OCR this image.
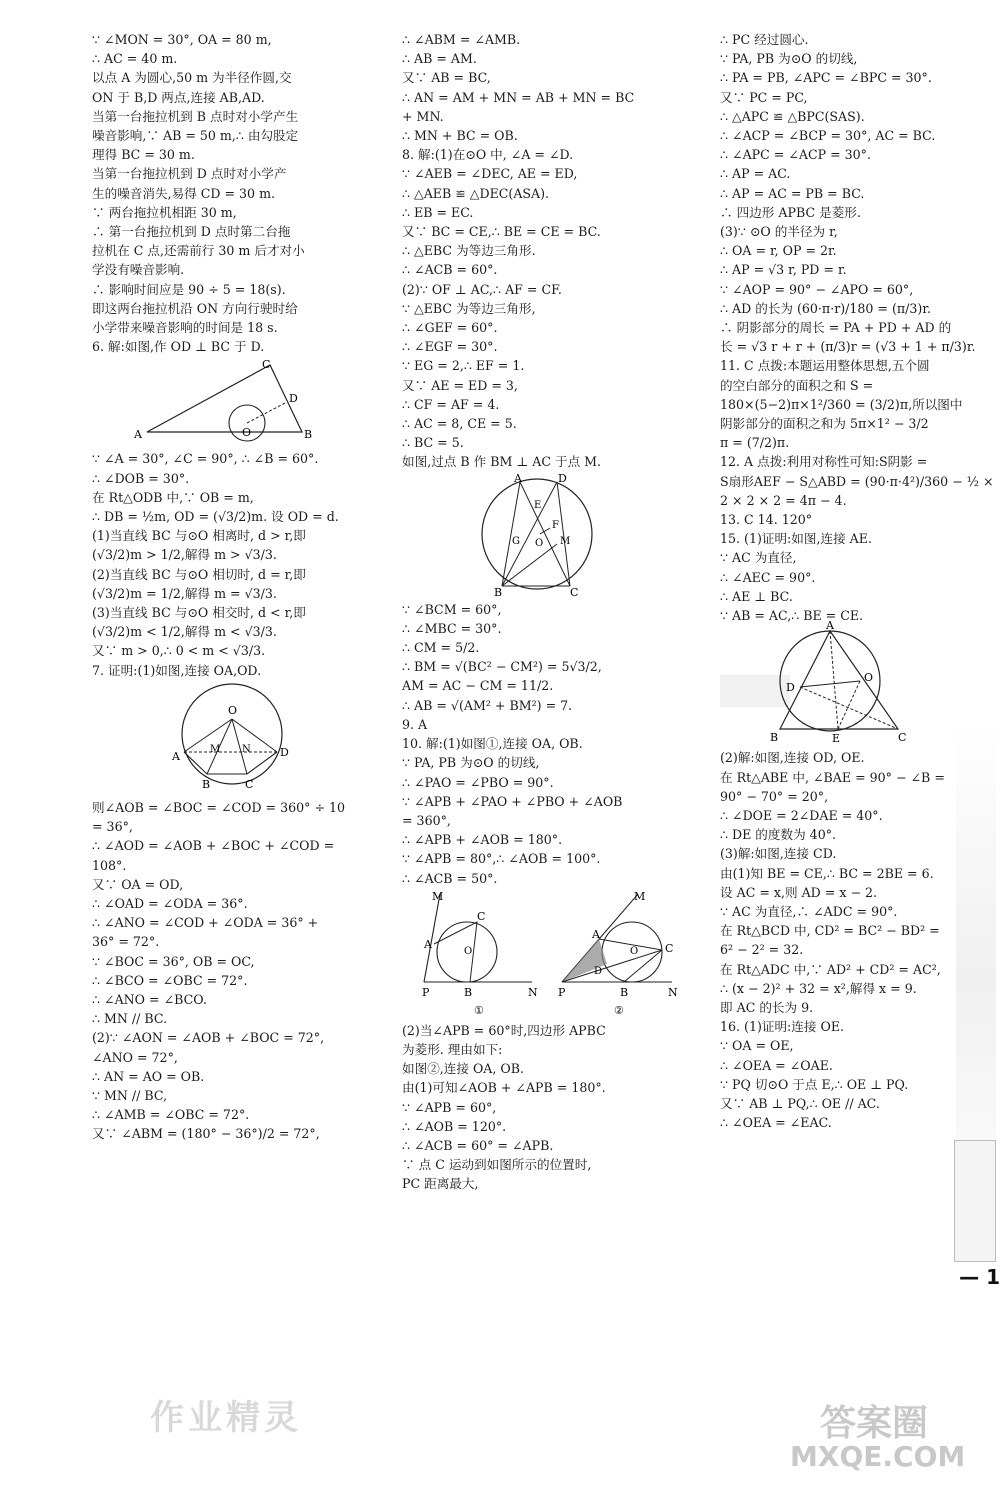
∵ ∠MON = 30°, OA = 80 m,
∴ AC = 40 m.
以点 A 为圆心,50 m 为半径作圆,交
ON 于 B,D 两点,连接 AB,AD.
当第一台拖拉机到 B 点时对小学产生
噪音影响,∵ AB = 50 m,∴ 由勾股定
理得 BC = 30 m.
当第一台拖拉机到 D 点时对小学产
生的噪音消失,易得 CD = 30 m.
∵ 两台拖拉机相距 30 m,
∴ 第一台拖拉机到 D 点时第二台拖
拉机在 C 点,还需前行 30 m 后才对小
学没有噪音影响.
∴ 影响时间应是 90 ÷ 5 = 18(s).
即这两台拖拉机沿 ON 方向行驶时给
小学带来噪音影响的时间是 18 s.
6. 解:如图,作 OD ⊥ BC 于 D.
C
D
A	O	B
∵ ∠A = 30°, ∠C = 90°, ∴ ∠B = 60°.
∴ ∠DOB = 30°.
在 Rt△ODB 中,∵ OB = m,
∴ DB = ½m, OD = (√3/2)m. 设 OD = d.
(1)当直线 BC 与⊙O 相离时, d > r,即
(√3/2)m > 1/2,解得 m > √3/3.
(2)当直线 BC 与⊙O 相切时, d = r,即
(√3/2)m = 1/2,解得 m = √3/3.
(3)当直线 BC 与⊙O 相交时, d < r,即
(√3/2)m < 1/2,解得 m < √3/3.
又∵ m > 0,∴ 0 < m < √3/3.
7. 证明:(1)如图,连接 OA,OD.
O
A
M N	D
B	C
则∠AOB = ∠BOC = ∠COD = 360° ÷ 10
= 36°,
∴ ∠AOD = ∠AOB + ∠BOC + ∠COD =
108°.
又∵ OA = OD,
∴ ∠OAD = ∠ODA = 36°.
∴ ∠ANO = ∠COD + ∠ODA = 36° +
36° = 72°.
∵ ∠BOC = 36°, OB = OC,
∴ ∠BCO = ∠OBC = 72°.
∴ ∠ANO = ∠BCO.
∴ MN // BC.
(2)∵ ∠AON = ∠AOB + ∠BOC = 72°,
∠ANO = 72°,
∴ AN = AO = OB.
∵ MN // BC,
∴ ∠AMB = ∠OBC = 72°.
又∵ ∠ABM = (180° − 36°)/2 = 72°,
∴ ∠ABM = ∠AMB.
∴ AB = AM.
又∵ AB = BC,
∴ AN = AM + MN = AB + MN = BC
+ MN.
∴ MN + BC = OB.
8. 解:(1)在⊙O 中, ∠A = ∠D.
∵ ∠AEB = ∠DEC, AE = ED,
∴ △AEB ≌ △DEC(ASA).
∴ EB = EC.
又∵ BC = CE,∴ BE = CE = BC.
∴ △EBC 为等边三角形.
∴ ∠ACB = 60°.
(2)∵ OF ⊥ AC,∴ AF = CF.
∵ △EBC 为等边三角形,
∴ ∠GEF = 60°.
∴ ∠EGF = 30°.
∵ EG = 2,∴ EF = 1.
又∵ AE = ED = 3,
∴ CF = AF = 4.
∴ AC = 8, CE = 5.
∴ BC = 5.
如图,过点 B 作 BM ⊥ AC 于点 M.
A	D
E
F
G O M
B	C
∵ ∠BCM = 60°,
∴ ∠MBC = 30°.
∴ CM = 5/2.
∴ BM = √(BC² − CM²) = 5√3/2,
AM = AC − CM = 11/2.
∴ AB = √(AM² + BM²) = 7.
9. A
10. 解:(1)如图①,连接 OA, OB.
∵ PA, PB 为⊙O 的切线,
∴ ∠PAO = ∠PBO = 90°.
∵ ∠APB + ∠PAO + ∠PBO + ∠AOB
= 360°,
∴ ∠APB + ∠AOB = 180°.
∵ ∠APB = 80°,∴ ∠AOB = 100°.
∴ ∠ACB = 50°.
M
C
A
O
P	B	N
①
M
A
C
O
D
P	B	N
②
(2)当∠APB = 60°时,四边形 APBC
为菱形. 理由如下:
如图②,连接 OA, OB.
由(1)可知∠AOB + ∠APB = 180°.
∵ ∠APB = 60°,
∴ ∠AOB = 120°.
∴ ∠ACB = 60° = ∠APB.
∵ 点 C 运动到如图所示的位置时,
PC 距离最大,
∴ PC 经过圆心.
∵ PA, PB 为⊙O 的切线,
∴ PA = PB, ∠APC = ∠BPC = 30°.
又∵ PC = PC,
∴ △APC ≌ △BPC(SAS).
∴ ∠ACP = ∠BCP = 30°, AC = BC.
∴ ∠APC = ∠ACP = 30°.
∴ AP = AC.
∴ AP = AC = PB = BC.
∴ 四边形 APBC 是菱形.
(3)∵ ⊙O 的半径为 r,
∴ OA = r, OP = 2r.
∴ AP = √3 r, PD = r.
∵ ∠AOP = 90° − ∠APO = 60°,
∴ AD 的长为 (60·π·r)/180 = (π/3)r.
∴ 阴影部分的周长 = PA + PD + AD 的
长 = √3 r + r + (π/3)r = (√3 + 1 + π/3)r.
11. C 点拨:本题运用整体思想,五个圆
的空白部分的面积之和 S =
180×(5−2)π×1²/360 = (3/2)π,所以图中
阴影部分的面积之和为 5π×1² − 3/2
π = (7/2)π.
12. A 点拨:利用对称性可知:S阴影 =
S扇形AEF − S△ABD = (90·π·4²)/360 − ½ ×
2 × 2 × 2 = 4π − 4.
13. C 14. 120°
15. (1)证明:如图,连接 AE.
∵ AC 为直径,
∴ ∠AEC = 90°.
∴ AE ⊥ BC.
∵ AB = AC,∴ BE = CE.
A
D
O
B	E	C
(2)解:如图,连接 OD, OE.
在 Rt△ABE 中, ∠BAE = 90° − ∠B =
90° − 70° = 20°,
∴ ∠DOE = 2∠DAE = 40°.
∴ DE 的度数为 40°.
(3)解:如图,连接 CD.
由(1)知 BE = CE,∴ BC = 2BE = 6.
设 AC = x,则 AD = x − 2.
∵ AC 为直径,∴ ∠ADC = 90°.
在 Rt△BCD 中, CD² = BC² − BD² =
6² − 2² = 32.
在 Rt△ADC 中,∵ AD² + CD² = AC²,
∴ (x − 2)² + 32 = x²,解得 x = 9.
即 AC 的长为 9.
16. (1)证明:连接 OE.
∵ OA = OE,
∴ ∠OEA = ∠OAE.
∵ PQ 切⊙O 于点 E,∴ OE ⊥ PQ.
又∵ AB ⊥ PQ,∴ OE // AC.
∴ ∠OEA = ∠EAC.
— 1
作业精灵	答案圈
MXQE.COM
